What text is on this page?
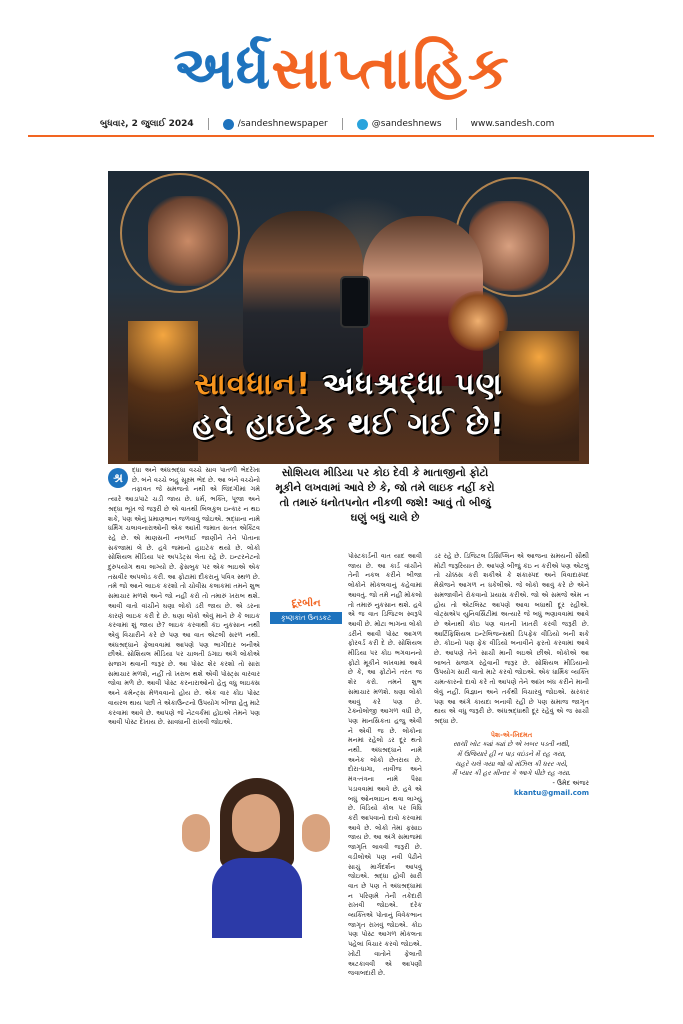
અર્ધસાપ્તાહિક
બુધવાર, 2 જુલાઈ 2024	/sandeshnewspaper	@sandeshnews	www.sandesh.com
સાવધાન! અંધશ્રદ્ધા પણ
હવે હાઇટેક થઈ ગઈ છે!
શ્ર

દ્ધા અને અંધશ્રદ્ધા વચ્ચે સાવ પાતળી ભેદરેખા છે. બંને વચ્ચે બહુ સૂક્ષ્મ ભેદ છે. આ બંને વચ્ચેનો તફાવત જે સમજતો નથી એ જિંદગીમાં ગમે ત્યારે આડાપાટે ચડી જાય છે. ધર્મ, ભક્તિ, પૂજા અને શ્રદ્ધા ભૂખ જે જરૂરી છે એ વાતથી બિલકુલ ઇન્કાર ન થઇ શકે, પણ એનું પ્રમાણભાન જળવાવું જોઇએ. શ્રદ્ધાના નામે ધર્મિંગ ચલાવનારાઓની એક આખી જમાત સતત એક્ટિવ રહે છે. એ માણસની નબળાઈ જાણીને તેને પોતાના સકંજામાં લે છે. હવે જમાનો હાઇટેક થયો છે. લોકો સોશિયલ મીડિયા પર અપડેટ્સ લેતા રહે છે. ઇન્ટરનેટનો દુરુપયોગ થવા લાગ્યો છે. ફેસબુક પર એક ભાઇએ એક તસવીર અપલોડ કરી. આ ફોટામાં દીકરાનું પવિત્ર સ્થળ છે. તમે જો આને લાઇક કરશો તો ચોવીસ કલાકમાં તમને શુભ સમાચાર મળશે અને જો નહીં કરો તો તમારું ખરાબ થશે. આવી વાતો વાંચીને ઘણા લોકો ડરી જાય છે. એ ડરના કારણે લાઇક કરી દે છે. ઘણા લોકો એવું માને છે કે લાઇક કરવામાં શું જાય છે? લાઇક કરવાથી કંઇ નુકસાન નથી એવું વિચારીને કરે છે પણ આ વાત એટલી સરળ નથી. અંધશ્રદ્ધાને ફેલાવવામાં આપણે પણ ભાગીદાર બનીએ છીએ. સોશિયલ મીડિયા પર ચાલતી ઠગાઇ અંગે લોકોએ સજાગ થવાની જરૂર છે. આ પોસ્ટ શેર કરશો તો સારા સમાચાર મળશે, નહીં તો ખરાબ થશે એવી પોસ્ટ્સ વારંવાર જોવા મળે છે. આવી પોસ્ટ કરનારાઓનો હેતુ વધુ લાઇક્સ અને કમેન્ટ્સ મેળવવાનો હોય છે. એક વાર કોઇ પોસ્ટ વાયરલ થાય પછી તે એકાઉન્ટનો ઉપયોગ બીજા હેતુ માટે કરવામાં આવે છે. આપણે જે નેટવર્કમાં હોઇએ તેમને પણ આવી પોસ્ટ દેખાય છે. સાવધાની રાખવી જોઇએ.

સોશિયલ મીડિયા પર કોઇ દેવી કે માતાજીનો ફોટો મૂકીને લખવામાં આવે છે કે, જો તમે લાઇક નહીં કરો તો તમારું ધનોતપનોત નીકળી જશે! આવું તો બીજું ઘણું બધું ચાલે છે
દૂરબીન
કૃષ્ણકાંત ઉનડકટ

પોસ્ટકાર્ડની વાત યાદ આવી જાય છે. આ કાર્ડ વાંચીને તેની નકલ કરીને બીજા લોકોને મોકલવાનું કહેવામાં આવતું. જો તમે નહીં મોકલો તો તમારું નુકસાન થશે. હવે એ જ વાત ડિજિટલ સ્વરૂપે આવી છે. મોટા ભાગના લોકો ડરીને આવી પોસ્ટ આગળ ફોરવર્ડ કરી દે છે. સોશિયલ મીડિયા પર કોઇ ભગવાનનો ફોટો મૂકીને લખવામાં આવે છે કે, આ ફોટોને તરત જ શેર કરો. તમને શુભ સમાચાર મળશે. ઘણા લોકો આવું કરે પણ છે. ટેક્નોલોજી આગળ વધી છે, પણ માનસિકતા હજુ એવી ને એવી જ છે. લોકોના મનમાં રહેલો ડર દૂર થતો નથી. અંધશ્રદ્ધાને નામે અનેક લોકો છેતરાય છે. દોરા-ધાગા, તાવીજ અને મંત્ર-તંત્રના નામે પૈસા પડાવવામાં આવે છે. હવે એ બધું ઓનલાઇન થવા લાગ્યું છે. વિડિયો કોલ પર વિધિ કરી આપવાનો દાવો કરવામાં આવે છે. લોકો તેમાં ફસાઇ જાય છે. આ અંગે સમાજમાં જાગૃતિ લાવવી જરૂરી છે. વડીલોએ પણ નવી પેઢીને સાચું માર્ગદર્શન આપવું જોઇએ. શ્રદ્ધા હોવી સારી વાત છે પણ તે અંધશ્રદ્ધામાં ન પરિણમે તેની તકેદારી રાખવી જોઇએ. દરેક વ્યક્તિએ પોતાનું વિવેકભાન જાગૃત રાખવું જોઇએ. કોઇ પણ પોસ્ટ આગળ મોકલતા પહેલાં વિચાર કરવો જોઇએ. ખોટી વાતોને ફેલાતી અટકાવવી એ આપણી જવાબદારી છે.

ડર રહે છે. ડિજિટલ ડિસિપ્લિન એ આજના સમયની સૌથી મોટી જરૂરિયાત છે. આપણે બીજું કંઇ ન કરીએ પણ એટલું તો ચોક્કસ કરી શકીએ કે શંકાસ્પદ અને વિવાદાસ્પદ મેસેજને આગળ ન ધકેલીએ. જે લોકો આવું કરે છે એને સમજાવીને રોકવાનો પ્રયાસ કરીએ. જો એ સમજે એમ ન હોય તો એટલિસ્ટ આપણે આવા બધાથી દૂર રહીએ. વોટ્સએપ યુનિવર્સિટીમાં અત્યારે જે બધું ભણાવવામાં આવે છે એનાથી કોઇ પણ વાતની ખાતરી કરવી જરૂરી છે. આર્ટિફિશિયલ ઇન્ટેલિજન્સથી ડિપફેક વીડિયો બની શકે છે. કોઇનો પણ ફેક વીડિયો બનાવીને ફરતો કરવામાં આવે છે. આપણે તેને સાચી માની લઇએ છીએ. લોકોએ આ બાબતે સજાગ રહેવાની જરૂર છે. સોશિયલ મીડિયાનો ઉપયોગ સારી વાતો માટે કરવો જોઇએ. એક ધાર્મિક વ્યક્તિ ચમત્કારનો દાવો કરે તો આપણે તેને આંખ બંધ કરીને માની લેવું નહીં. વિજ્ઞાન અને તર્કથી વિચારવું જોઇએ. સરકાર પણ આ અંગે કાયદા બનાવી રહી છે પણ સમાજ જાગૃત થાય એ વધુ જરૂરી છે. અંધશ્રદ્ધાથી દૂર રહેવું એ જ સાચી શ્રદ્ધા છે.

પેશ-એ-ખિદમત
સાચી ખોટ ક્યાં ક્યાં છે એ ખબર પડતી નથી,
મેં ઉજિયારે હી ન પાડ઼ વઇંડને મેં રહ ગયા,
ચહરે ચલે ગયા જો વો મંઝિલ કી ધરર ગયે,
મૈં પ્યાર કી હર મીનાર કે આગે પીછે રહ ગયા.
- ઉમેદ અંજર
kkantu@gmail.com
